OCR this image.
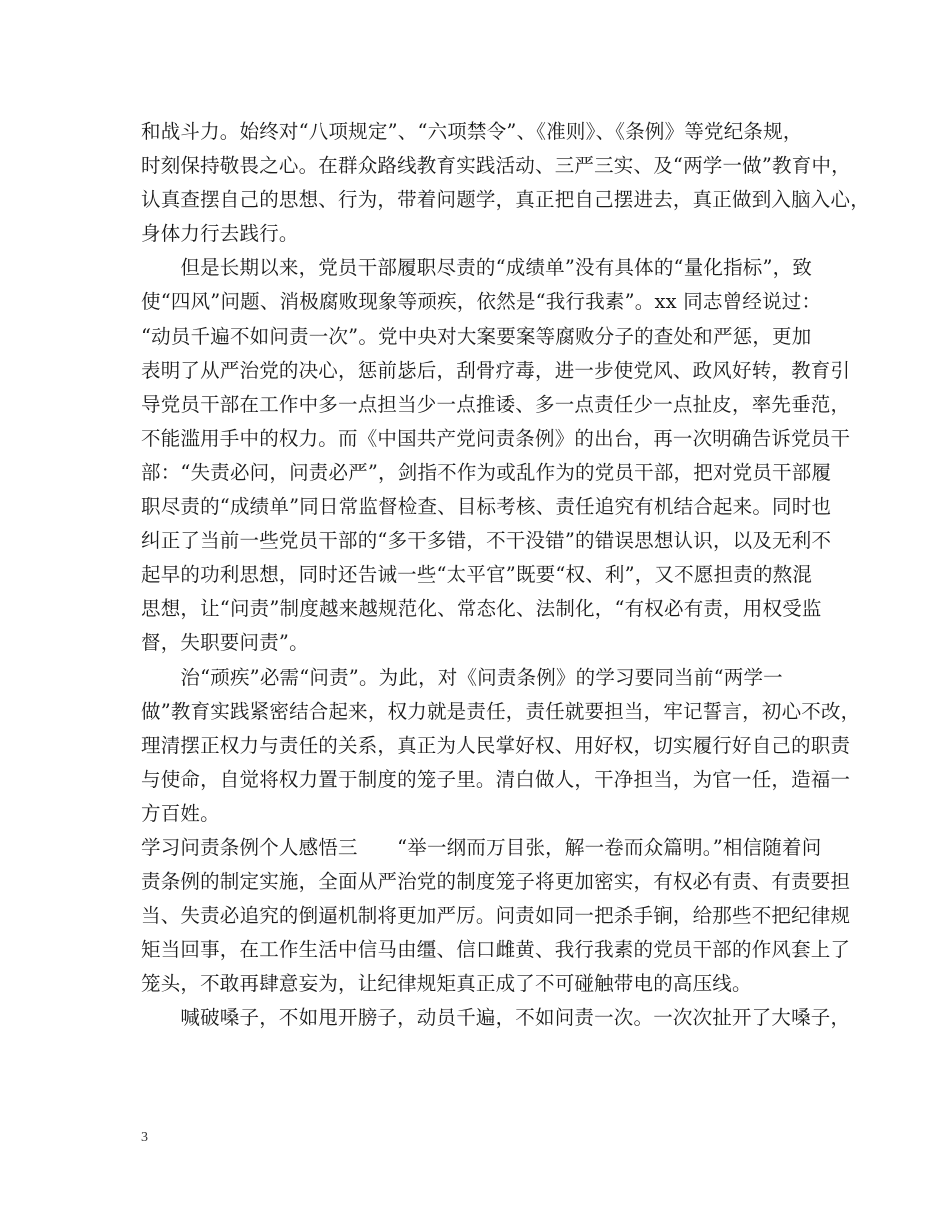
和战斗力。始终对“八项规定”、“六项禁令”、《准则》、《条例》等党纪条规，
时刻保持敬畏之心。在群众路线教育实践活动、三严三实、及“两学一做”教育中，
认真查摆自己的思想、行为，带着问题学，真正把自己摆进去，真正做到入脑入心，
身体力行去践行。
　　但是长期以来，党员干部履职尽责的“成绩单”没有具体的“量化指标”，致
使“四风”问题、消极腐败现象等顽疾，依然是“我行我素”。xx 同志曾经说过：
“动员千遍不如问责一次”。党中央对大案要案等腐败分子的查处和严惩，更加
表明了从严治党的决心，惩前毖后，刮骨疗毒，进一步使党风、政风好转，教育引
导党员干部在工作中多一点担当少一点推诿、多一点责任少一点扯皮，率先垂范，
不能滥用手中的权力。而《中国共产党问责条例》的出台，再一次明确告诉党员干
部：“失责必问，问责必严”，剑指不作为或乱作为的党员干部，把对党员干部履
职尽责的“成绩单”同日常监督检查、目标考核、责任追究有机结合起来。同时也
纠正了当前一些党员干部的“多干多错，不干没错”的错误思想认识，以及无利不
起早的功利思想，同时还告诫一些“太平官”既要“权、利”，又不愿担责的熬混
思想，让“问责”制度越来越规范化、常态化、法制化，“有权必有责，用权受监
督，失职要问责”。
　　治“顽疾”必需“问责”。为此，对《问责条例》的学习要同当前“两学一
做”教育实践紧密结合起来，权力就是责任，责任就要担当，牢记誓言，初心不改，
理清摆正权力与责任的关系，真正为人民掌好权、用好权，切实履行好自己的职责
与使命，自觉将权力置于制度的笼子里。清白做人，干净担当，为官一任，造福一
方百姓。
学习问责条例个人感悟三　　“举一纲而万目张，解一卷而众篇明。”相信随着问
责条例的制定实施，全面从严治党的制度笼子将更加密实，有权必有责、有责要担
当、失责必追究的倒逼机制将更加严厉。问责如同一把杀手锏，给那些不把纪律规
矩当回事，在工作生活中信马由缰、信口雌黄、我行我素的党员干部的作风套上了
笼头，不敢再肆意妄为，让纪律规矩真正成了不可碰触带电的高压线。
　　喊破嗓子，不如甩开膀子，动员千遍，不如问责一次。一次次扯开了大嗓子，
3
